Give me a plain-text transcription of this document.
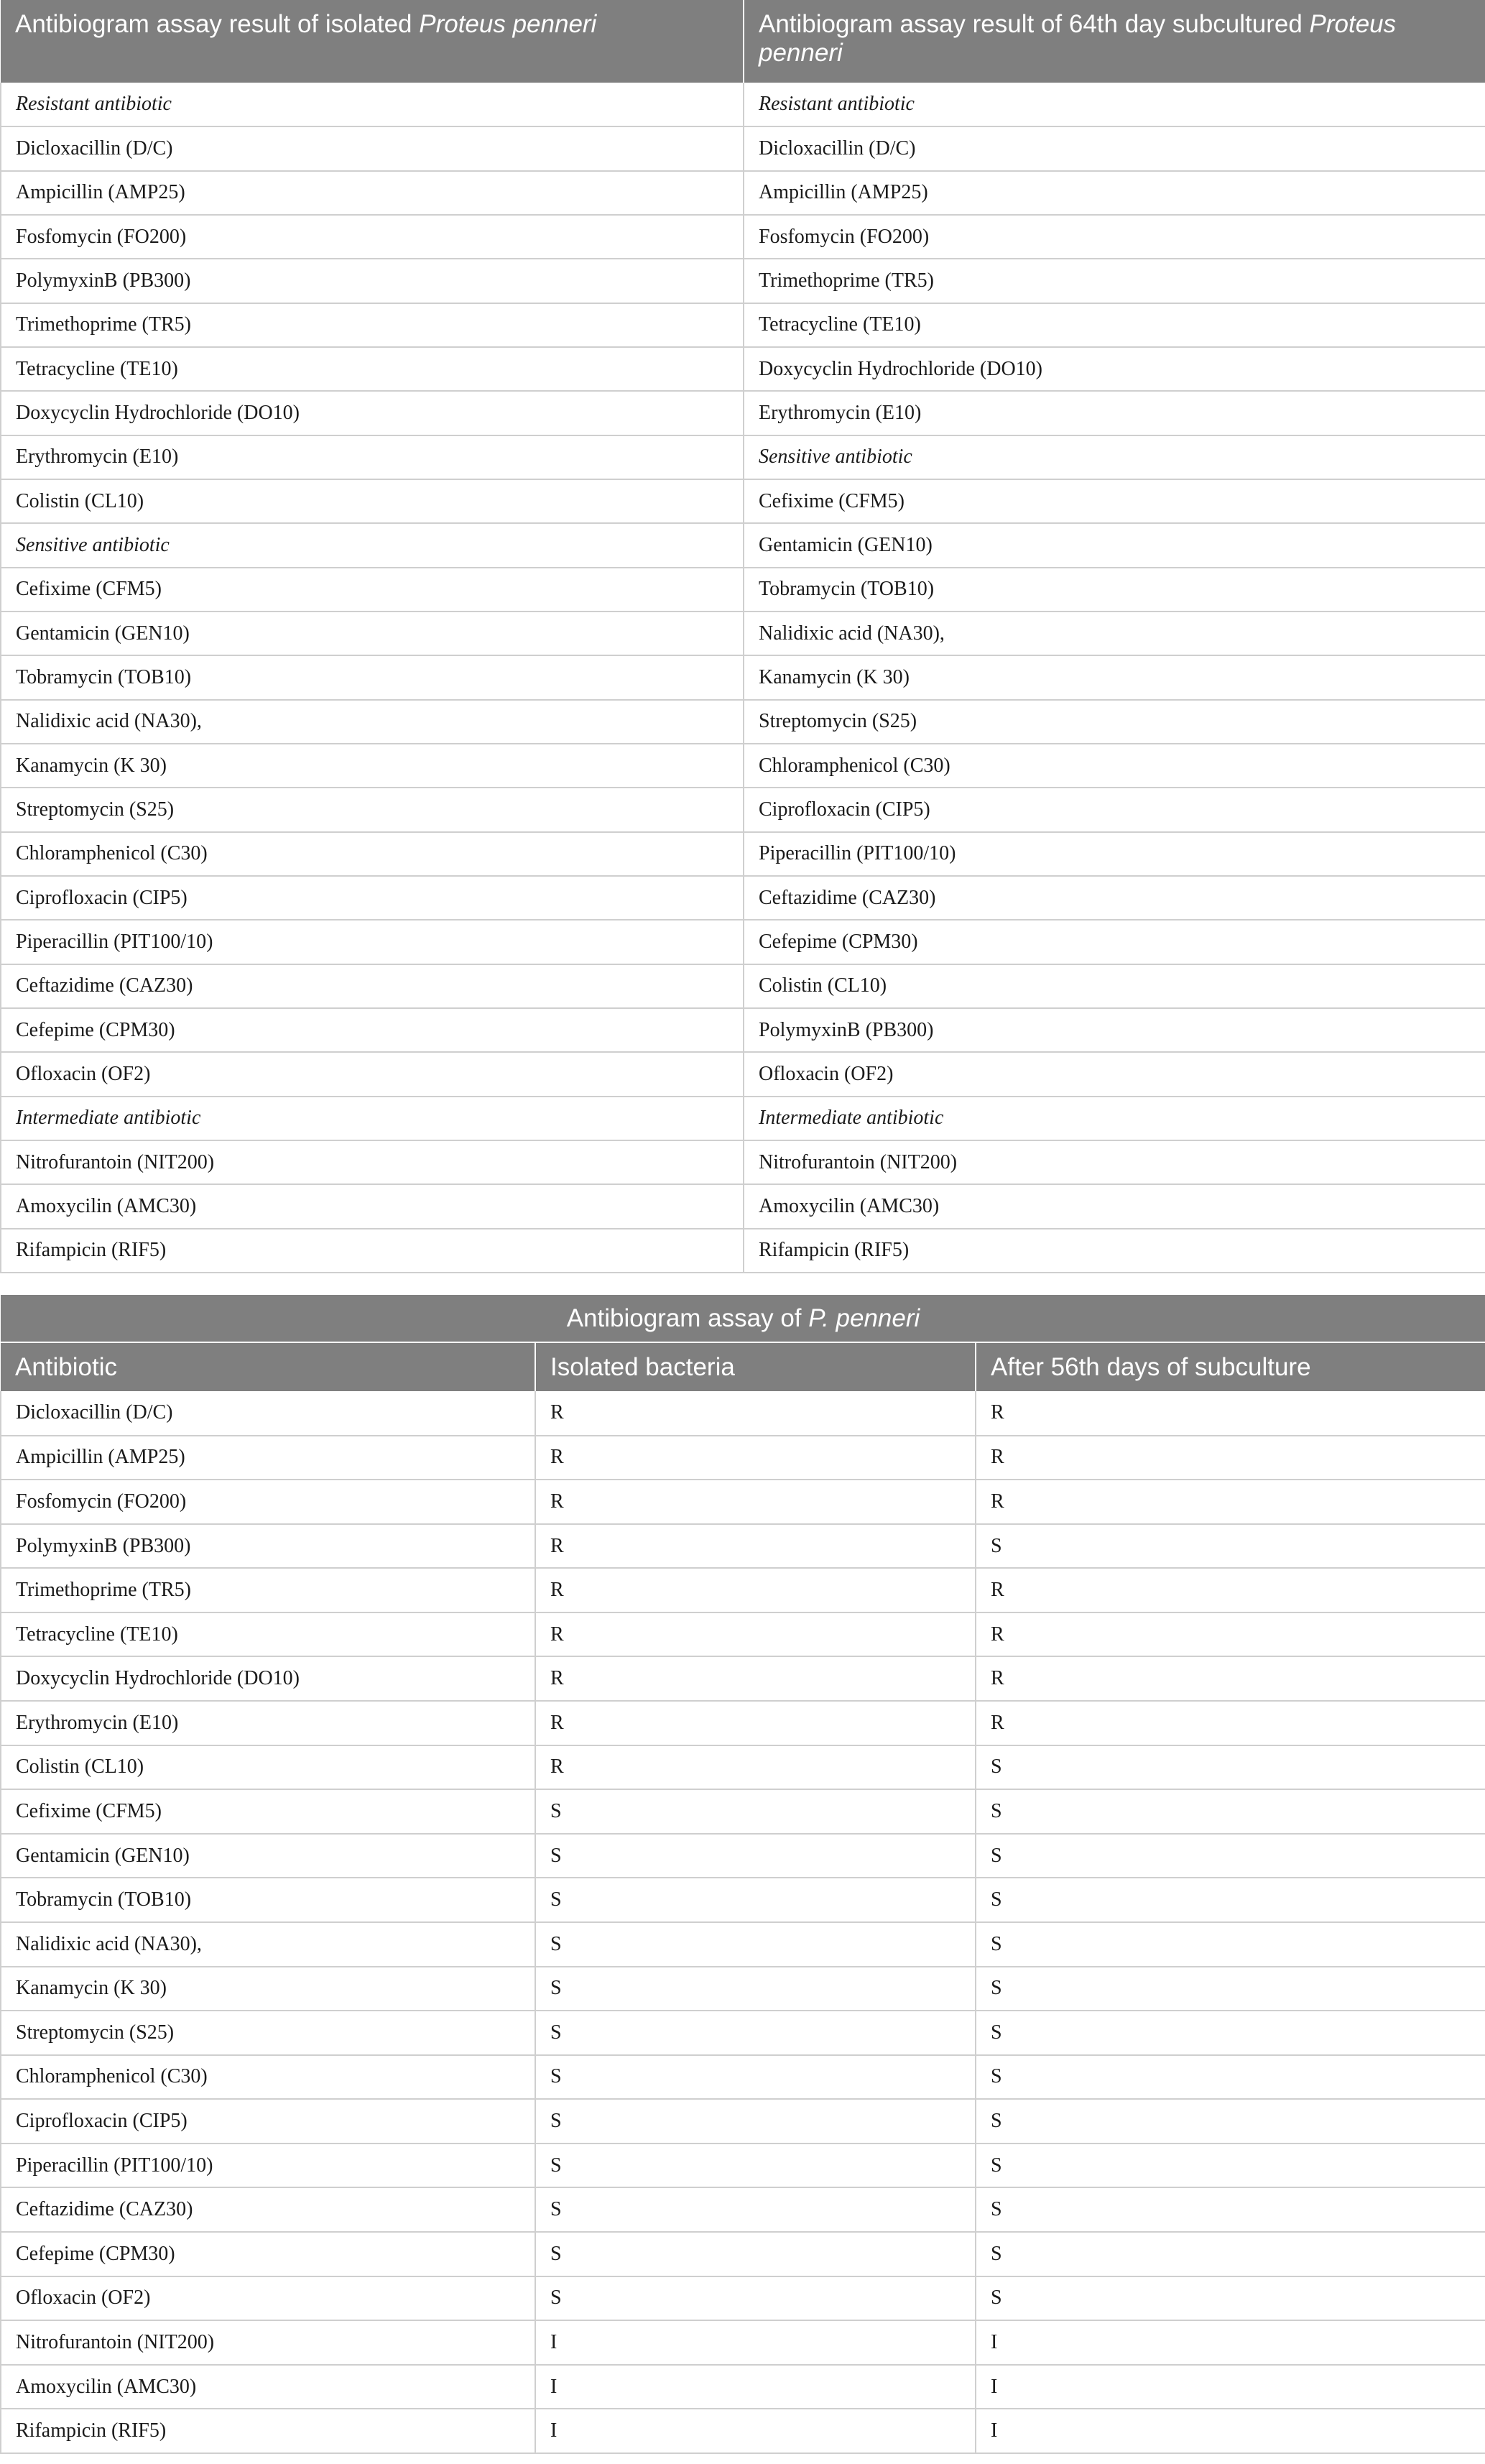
Antibiogram assay result of isolated Proteus penneri	Antibiogram assay result of 64th day subcultured Proteus penneri
Resistant antibiotic	Resistant antibiotic
Dicloxacillin (D/C)	Dicloxacillin (D/C)
Ampicillin (AMP25)	Ampicillin (AMP25)
Fosfomycin (FO200)	Fosfomycin (FO200)
PolymyxinB (PB300)	Trimethoprime (TR5)
Trimethoprime (TR5)	Tetracycline (TE10)
Tetracycline (TE10)	Doxycyclin Hydrochloride (DO10)
Doxycyclin Hydrochloride (DO10)	Erythromycin (E10)
Erythromycin (E10)	Sensitive antibiotic
Colistin (CL10)	Cefixime (CFM5)
Sensitive antibiotic	Gentamicin (GEN10)
Cefixime (CFM5)	Tobramycin (TOB10)
Gentamicin (GEN10)	Nalidixic acid (NA30),
Tobramycin (TOB10)	Kanamycin (K 30)
Nalidixic acid (NA30),	Streptomycin (S25)
Kanamycin (K 30)	Chloramphenicol (C30)
Streptomycin (S25)	Ciprofloxacin (CIP5)
Chloramphenicol (C30)	Piperacillin (PIT100/10)
Ciprofloxacin (CIP5)	Ceftazidime (CAZ30)
Piperacillin (PIT100/10)	Cefepime (CPM30)
Ceftazidime (CAZ30)	Colistin (CL10)
Cefepime (CPM30)	PolymyxinB (PB300)
Ofloxacin (OF2)	Ofloxacin (OF2)
Intermediate antibiotic	Intermediate antibiotic
Nitrofurantoin (NIT200)	Nitrofurantoin (NIT200)
Amoxycilin (AMC30)	Amoxycilin (AMC30)
Rifampicin (RIF5)	Rifampicin (RIF5)
Antibiogram assay of P. penneri		
Antibiotic	Isolated bacteria	After 56th days of subculture
Dicloxacillin (D/C)	R	R
Ampicillin (AMP25)	R	R
Fosfomycin (FO200)	R	R
PolymyxinB (PB300)	R	S
Trimethoprime (TR5)	R	R
Tetracycline (TE10)	R	R
Doxycyclin Hydrochloride (DO10)	R	R
Erythromycin (E10)	R	R
Colistin (CL10)	R	S
Cefixime (CFM5)	S	S
Gentamicin (GEN10)	S	S
Tobramycin (TOB10)	S	S
Nalidixic acid (NA30),	S	S
Kanamycin (K 30)	S	S
Streptomycin (S25)	S	S
Chloramphenicol (C30)	S	S
Ciprofloxacin (CIP5)	S	S
Piperacillin (PIT100/10)	S	S
Ceftazidime (CAZ30)	S	S
Cefepime (CPM30)	S	S
Ofloxacin (OF2)	S	S
Nitrofurantoin (NIT200)	I	I
Amoxycilin (AMC30)	I	I
Rifampicin (RIF5)	I	I
